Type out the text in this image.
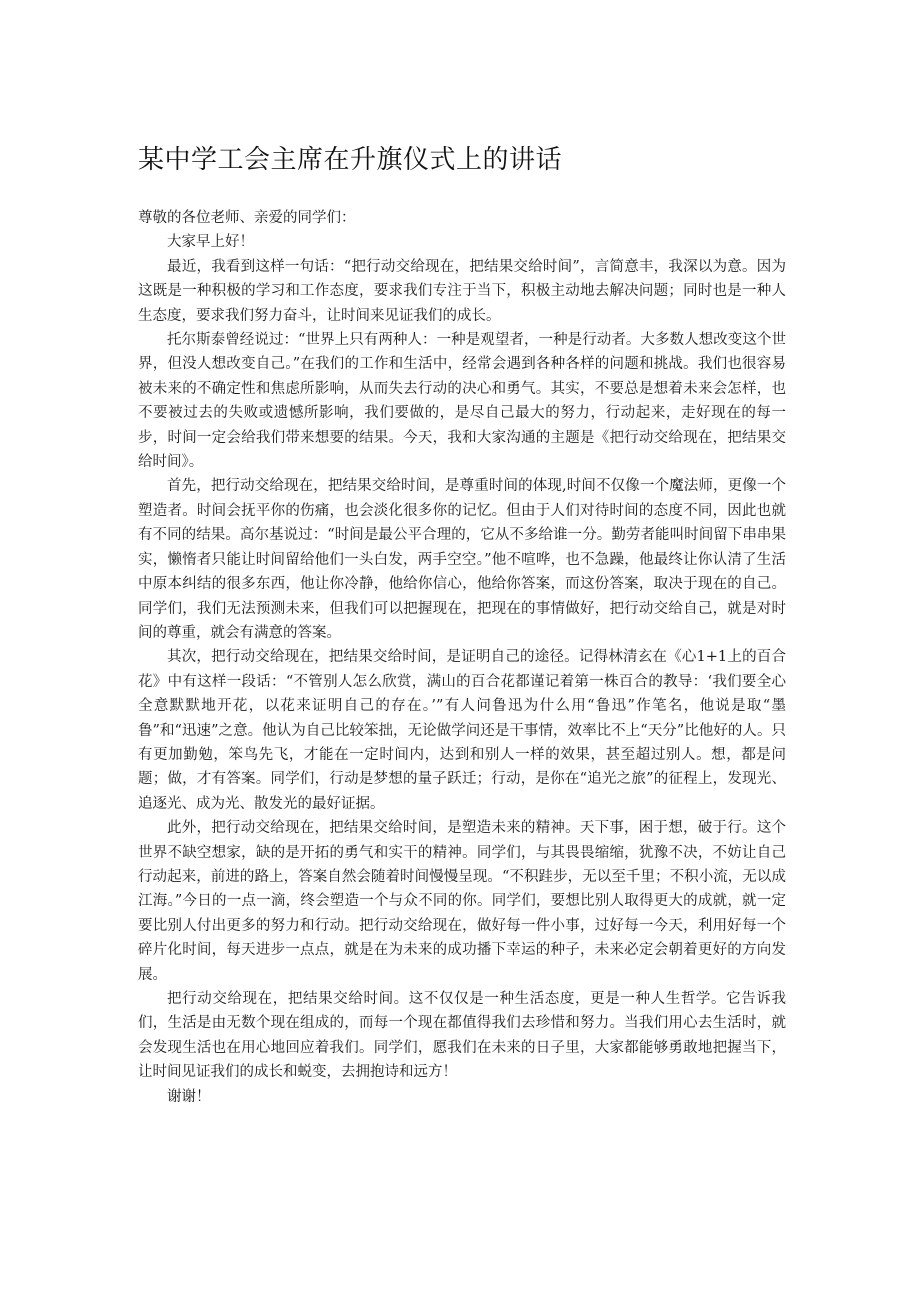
某中学工会主席在升旗仪式上的讲话

尊敬的各位老师、亲爱的同学们：

大家早上好！

最近，我看到这样一句话：“把行动交给现在，把结果交给时间”，言简意丰，我深以为意。因为这既是一种积极的学习和工作态度，要求我们专注于当下，积极主动地去解决问题；同时也是一种人生态度，要求我们努力奋斗，让时间来见证我们的成长。

托尔斯泰曾经说过：“世界上只有两种人：一种是观望者，一种是行动者。大多数人想改变这个世界，但没人想改变自己。”在我们的工作和生活中，经常会遇到各种各样的问题和挑战。我们也很容易被未来的不确定性和焦虑所影响，从而失去行动的决心和勇气。其实，不要总是想着未来会怎样，也不要被过去的失败或遗憾所影响，我们要做的，是尽自己最大的努力，行动起来，走好现在的每一步，时间一定会给我们带来想要的结果。今天，我和大家沟通的主题是《把行动交给现在，把结果交给时间》。

首先，把行动交给现在，把结果交给时间，是尊重时间的体现,时间不仅像一个魔法师，更像一个塑造者。时间会抚平你的伤痛，也会淡化很多你的记忆。但由于人们对待时间的态度不同，因此也就有不同的结果。高尔基说过：“时间是最公平合理的，它从不多给谁一分。勤劳者能叫时间留下串串果实，懒惰者只能让时间留给他们一头白发，两手空空。”他不喧哗，也不急躁，他最终让你认清了生活中原本纠结的很多东西，他让你冷静，他给你信心，他给你答案，而这份答案，取决于现在的自己。同学们，我们无法预测未来，但我们可以把握现在，把现在的事情做好，把行动交给自己，就是对时间的尊重，就会有满意的答案。

其次，把行动交给现在，把结果交给时间，是证明自己的途径。记得林清玄在《心1+1上的百合花》中有这样一段话：“不管别人怎么欣赏，满山的百合花都谨记着第一株百合的教导：‘我们要全心全意默默地开花，以花来证明自己的存在。’”有人问鲁迅为什么用“鲁迅”作笔名，他说是取“墨鲁”和“迅速”之意。他认为自己比较笨拙，无论做学问还是干事情，效率比不上“天分”比他好的人。只有更加勤勉，笨鸟先飞，才能在一定时间内，达到和别人一样的效果，甚至超过别人。想，都是问题；做，才有答案。同学们，行动是梦想的量子跃迁；行动，是你在“追光之旅”的征程上，发现光、追逐光、成为光、散发光的最好证据。

此外，把行动交给现在，把结果交给时间，是塑造未来的精神。天下事，困于想，破于行。这个世界不缺空想家，缺的是开拓的勇气和实干的精神。同学们，与其畏畏缩缩，犹豫不决，不妨让自己行动起来，前进的路上，答案自然会随着时间慢慢呈现。“不积跬步，无以至千里；不积小流，无以成江海。”今日的一点一滴，终会塑造一个与众不同的你。同学们，要想比别人取得更大的成就，就一定要比别人付出更多的努力和行动。把行动交给现在，做好每一件小事，过好每一今天，利用好每一个碎片化时间，每天进步一点点，就是在为未来的成功播下幸运的种子，未来必定会朝着更好的方向发展。

把行动交给现在，把结果交给时间。这不仅仅是一种生活态度，更是一种人生哲学。它告诉我们，生活是由无数个现在组成的，而每一个现在都值得我们去珍惜和努力。当我们用心去生活时，就会发现生活也在用心地回应着我们。同学们，愿我们在未来的日子里，大家都能够勇敢地把握当下，让时间见证我们的成长和蜕变，去拥抱诗和远方！

谢谢！
